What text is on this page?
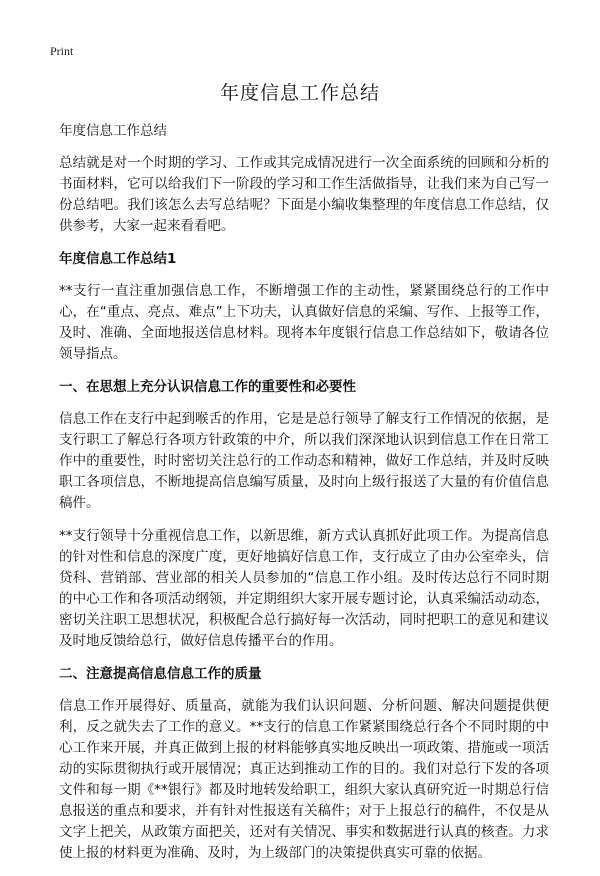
Print
年度信息工作总结

年度信息工作总结

总结就是对一个时期的学习、工作或其完成情况进行一次全面系统的回顾和分析的书面材料，它可以给我们下一阶段的学习和工作生活做指导，让我们来为自己写一份总结吧。我们该怎么去写总结呢？下面是小编收集整理的年度信息工作总结，仅供参考，大家一起来看看吧。

年度信息工作总结1

**支行一直注重加强信息工作，不断增强工作的主动性，紧紧围绕总行的工作中心，在“重点、亮点、难点”上下功夫，认真做好信息的采编、写作、上报等工作，及时、准确、全面地报送信息材料。现将本年度银行信息工作总结如下，敬请各位领导指点。

一、在思想上充分认识信息工作的重要性和必要性

信息工作在支行中起到喉舌的作用，它是是总行领导了解支行工作情况的依据，是支行职工了解总行各项方针政策的中介，所以我们深深地认识到信息工作在日常工作中的重要性，时时密切关注总行的工作动态和精神，做好工作总结，并及时反映职工各项信息，不断地提高信息编写质量，及时向上级行报送了大量的有价值信息稿件。

**支行领导十分重视信息工作，以新思维，新方式认真抓好此项工作。为提高信息的针对性和信息的深度广度，更好地搞好信息工作，支行成立了由办公室牵头，信贷科、营销部、营业部的相关人员参加的“信息工作小组。及时传达总行不同时期的中心工作和各项活动纲领，并定期组织大家开展专题讨论，认真采编活动动态，密切关注职工思想状况，积极配合总行搞好每一次活动，同时把职工的意见和建议及时地反馈给总行，做好信息传播平台的作用。

二、注意提高信息信息工作的质量

信息工作开展得好、质量高，就能为我们认识问题、分析问题、解决问题提供便利，反之就失去了工作的意义。**支行的信息工作紧紧围绕总行各个不同时期的中心工作来开展，并真正做到上报的材料能够真实地反映出一项政策、措施或一项活动的实际贯彻执行或开展情况；真正达到推动工作的目的。我们对总行下发的各项文件和每一期《**银行》都及时地转发给职工，组织大家认真研究近一时期总行信息报送的重点和要求，并有针对性报送有关稿件；对于上报总行的稿件，不仅是从文字上把关，从政策方面把关，还对有关情况、事实和数据进行认真的核查。力求使上报的材料更为准确、及时，为上级部门的决策提供真实可靠的依据。
